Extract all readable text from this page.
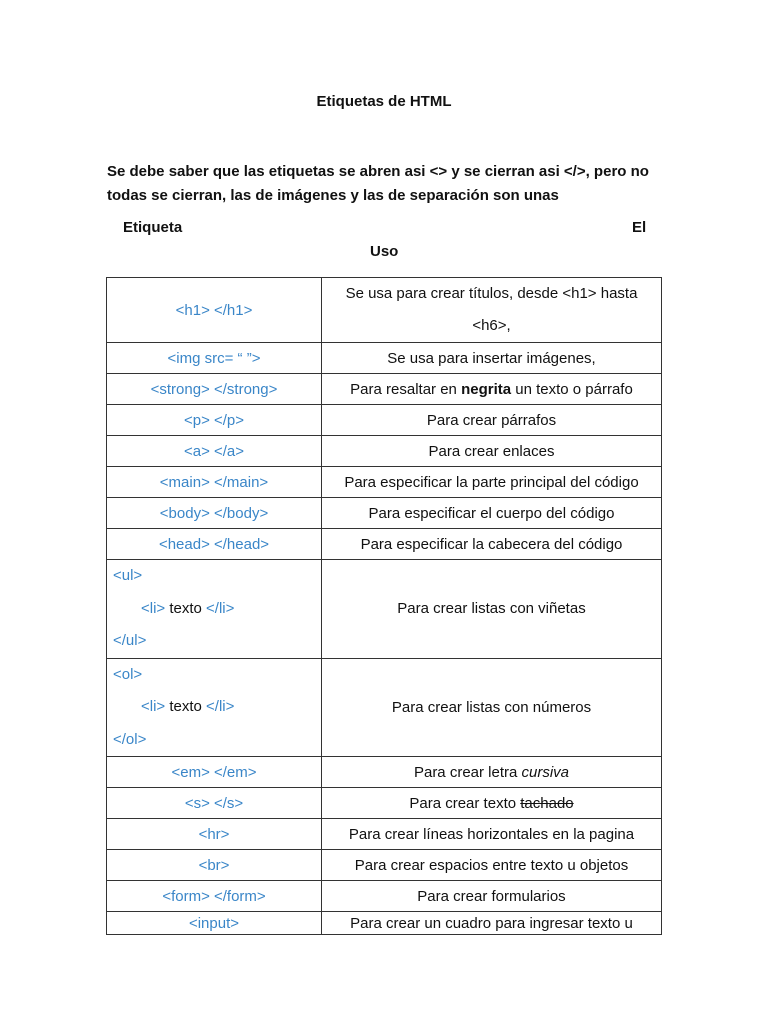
Etiquetas de HTML

Se debe saber que las etiquetas se abren asi <> y se cierran asi </>, pero no todas se cierran, las de imágenes y las de separación son unas

Etiqueta	El
Uso
<h1> </h1>	Se usa para crear títulos, desde <h1> hasta
<h6>,

<img src= “ ”>	Se usa para insertar imágenes,
<strong> </strong>	Para resaltar en negrita un texto o párrafo
<p> </p>	Para crear párrafos
<a> </a>	Para crear enlaces
<main> </main>	Para especificar la parte principal del código
<body> </body>	Para especificar el cuerpo del código
<head> </head>	Para especificar la cabecera del código

<ul>
<li> texto </li>
</ul>	Para crear listas con viñetas

<ol>
<li> texto </li>
</ol>	Para crear listas con números
<em> </em>	Para crear letra cursiva
<s> </s>	Para crear texto tachado
<hr>	Para crear líneas horizontales en la pagina
<br>	Para crear espacios entre texto u objetos
<form> </form>	Para crear formularios
<input>	Para crear un cuadro para ingresar texto u
